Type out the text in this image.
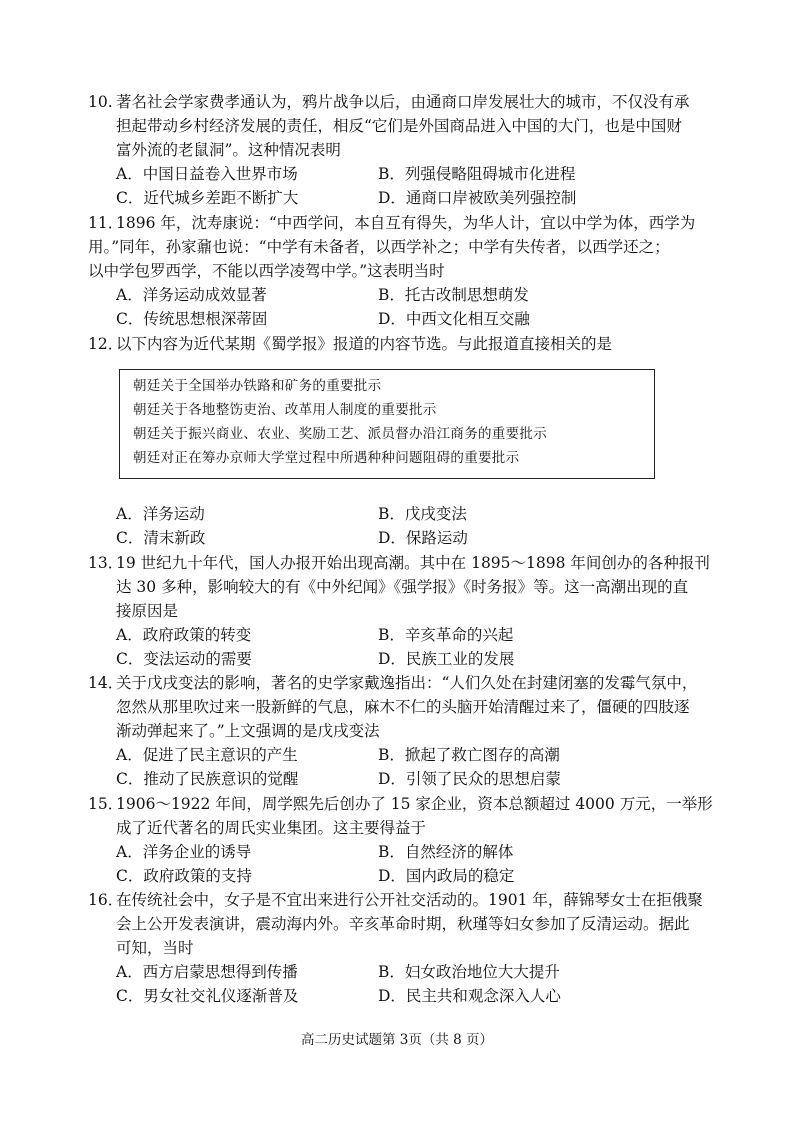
10. 著名社会学家费孝通认为，鸦片战争以后，由通商口岸发展壮大的城市，不仅没有承
担起带动乡村经济发展的责任，相反“它们是外国商品进入中国的大门，也是中国财
富外流的老鼠洞”。这种情况表明
A．中国日益卷入世界市场	B．列强侵略阻碍城市化进程
C．近代城乡差距不断扩大	D．通商口岸被欧美列强控制
11．
1896 年，沈寿康说：“中西学问，本自互有得失，为华人计，宜以中学为体，西学为
用。”同年，孙家鼐也说：“中学有未备者，以西学补之；中学有失传者，以西学还之；
以中学包罗西学，不能以西学凌驾中学。”这表明当时
A．洋务运动成效显著	B．托古改制思想萌发
C．传统思想根深蒂固	D．中西文化相互交融
12．
以下内容为近代某期《蜀学报》报道的内容节选。与此报道直接相关的是
朝廷关于全国举办铁路和矿务的重要批示
朝廷关于各地整饬吏治、改革用人制度的重要批示
朝廷关于振兴商业、农业、奖励工艺、派员督办沿江商务的重要批示
朝廷对正在筹办京师大学堂过程中所遇种种问题阻碍的重要批示
A．洋务运动	B．戊戌变法
C．清末新政	D．保路运动
13．
19 世纪九十年代，国人办报开始出现高潮。其中在 1895～1898 年间创办的各种报刊
达 30 多种，影响较大的有《中外纪闻》《强学报》《时务报》等。这一高潮出现的直
接原因是
A．政府政策的转变	B．辛亥革命的兴起
C．变法运动的需要	D．民族工业的发展
14．
关于戊戌变法的影响，著名的史学家戴逸指出：“人们久处在封建闭塞的发霉气氛中，
忽然从那里吹过来一股新鲜的气息，麻木不仁的头脑开始清醒过来了，僵硬的四肢逐
渐动弹起来了。”上文强调的是戊戌变法
A．促进了民主意识的产生	B．掀起了救亡图存的高潮
C．推动了民族意识的觉醒	D．引领了民众的思想启蒙
15．
1906～1922 年间，周学熙先后创办了 15 家企业，资本总额超过 4000 万元，一举形
成了近代著名的周氏实业集团。这主要得益于
A．洋务企业的诱导	B．自然经济的解体
C．政府政策的支持	D．国内政局的稳定
16．
在传统社会中，女子是不宜出来进行公开社交活动的。1901 年，薛锦琴女士在拒俄聚
会上公开发表演讲，震动海内外。辛亥革命时期，秋瑾等妇女参加了反清运动。据此
可知，当时
A．西方启蒙思想得到传播	B．妇女政治地位大大提升
C．男女社交礼仪逐渐普及	D．民主共和观念深入人心
高二历史试题第 3页（共 8 页）
